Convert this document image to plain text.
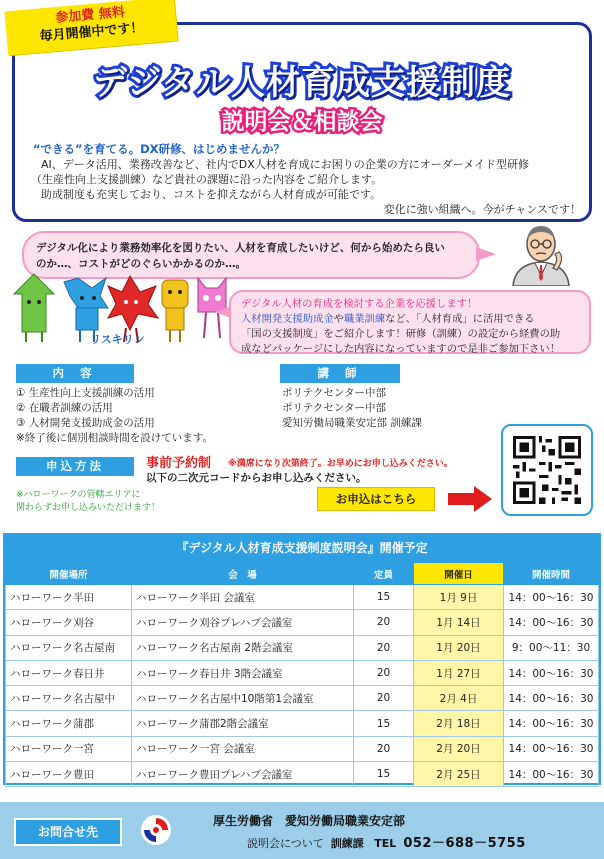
参加費 無料
毎月開催中です！
デジタル人材育成支援制度
説明会＆相談会
“できる”を育てる。DX研修、はじめませんか？

AI、データ活用、業務改善など、社内でDX人材を育成にお困りの企業の方にオーダーメイド型研修

（生産性向上支援訓練）など貴社の課題に沿った内容をご紹介します。

助成制度も充実しており、コストを抑えながら人材育成が可能です。

変化に強い組織へ。今がチャンスです！

デジタル化により業務効率化を図りたい、人材を育成したいけど、何から始めたら良い
のか…、コストがどのぐらいかかるのか…。
リスキリン
デジタル人材の育成を検討する企業を応援します！
人材開発支援助成金や職業訓練など、「人材育成」に活用できる
「国の支援制度」をご紹介します！研修（訓練）の設定から経費の助
成などパッケージにした内容になっていますので是非ご参加下さい！
内 容
① 生産性向上支援訓練の活用
② 在職者訓練の活用
③ 人材開発支援助成金の活用
※終了後に個別相談時間を設けています。
講 師
ポリテクセンター中部
ポリテクセンター中部
愛知労働局職業安定部 訓練課
申込方法	事前予約制 ※満席になり次第終了。お早めにお申し込みください。
以下の二次元コードからお申し込みください。
※ハローワークの管轄エリアに
関わらずお申し込みいただけます！
お申込はこちら
『デジタル人材育成支援制度説明会』開催予定
開催場所	会　場	定員	開催日	開催時間
ハローワーク半田	ハローワーク半田 会議室	15	1月 9日	14：00～16：30
ハローワーク刈谷	ハローワーク刈谷プレハブ会議室	20	1月 14日	14：00～16：30
ハローワーク名古屋南	ハローワーク名古屋南 2階会議室	20	1月 20日	9：00～11：30
ハローワーク春日井	ハローワーク春日井 3階会議室	20	1月 27日	14：00～16：30
ハローワーク名古屋中	ハローワーク名古屋中10階第1会議室	20	2月 4日	14：00～16：30
ハローワーク蒲郡	ハローワーク蒲郡2階会議室	15	2月 18日	14：00～16：30
ハローワーク一宮	ハローワーク一宮 会議室	20	2月 20日	14：00～16：30
ハローワーク豊田	ハローワーク豊田プレハブ会議室	15	2月 25日	14：00～16：30
お問合せ先
厚生労働省　愛知労働局職業安定部
説明会について 訓練課 TEL 052－688－5755
